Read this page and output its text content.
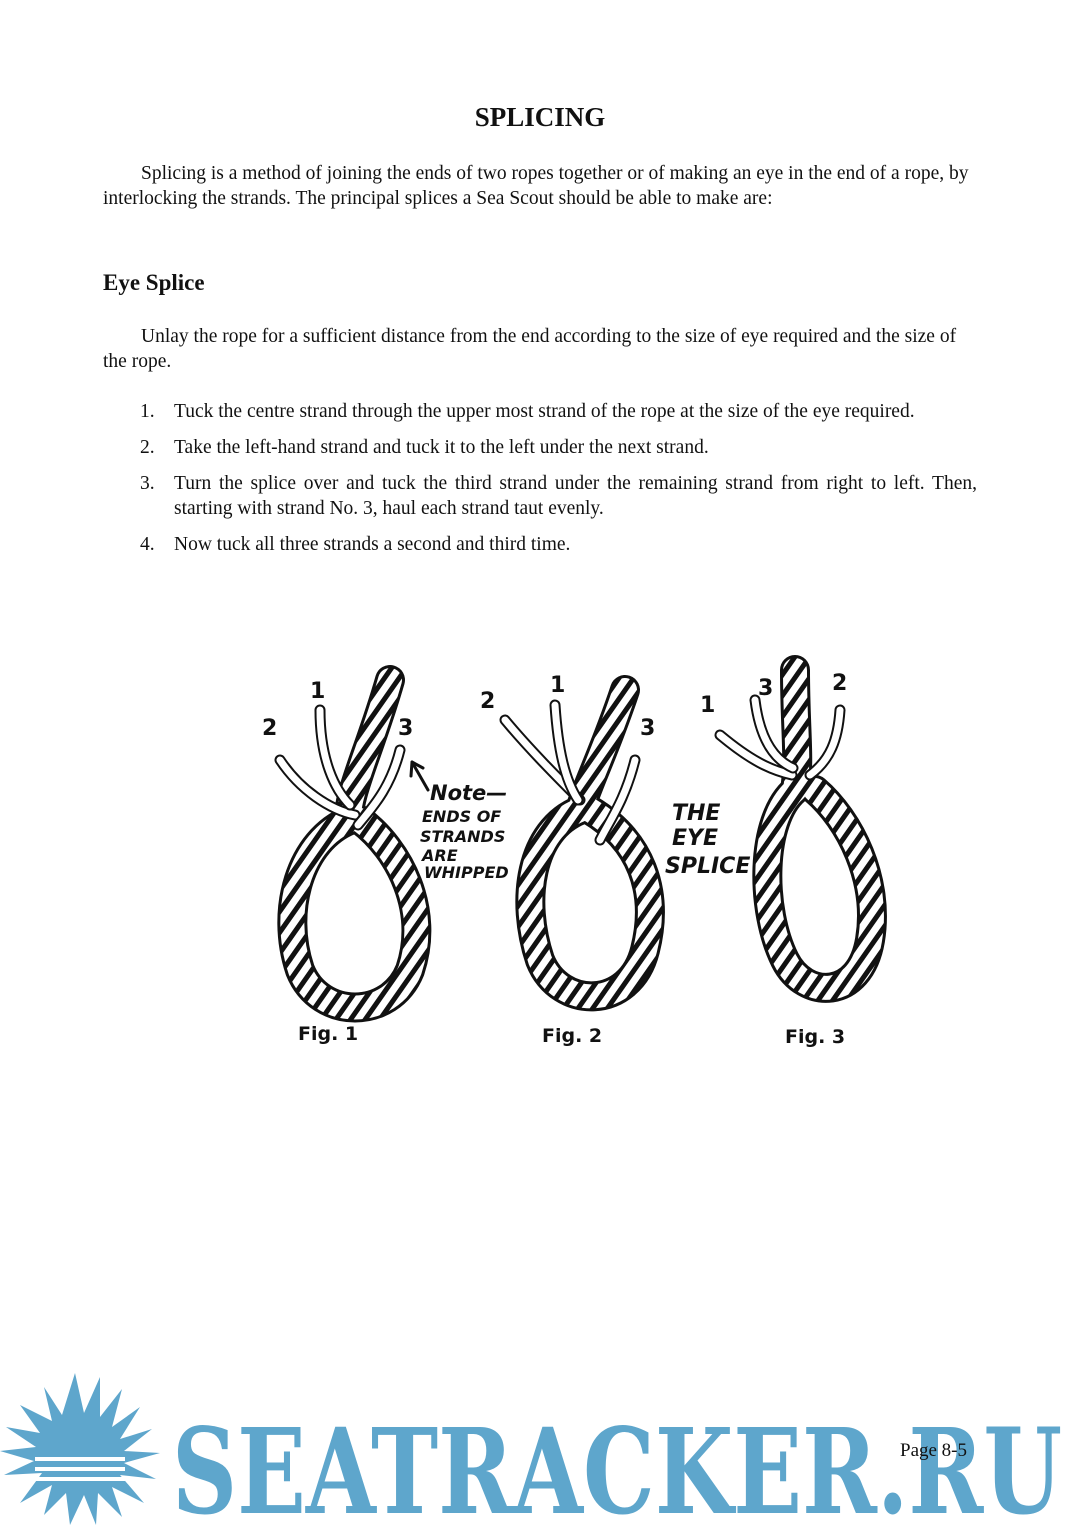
SPLICING

Splicing is a method of joining the ends of two ropes together or of making an eye in the end of a rope, by interlocking the strands. The principal splices a Sea Scout should be able to make are:

Eye Splice

Unlay the rope for a sufficient distance from the end according to the size of eye required and the size of the rope.

1. Tuck the centre strand through the upper most strand of the rope at the size of the eye required.
2. Take the left-hand strand and tuck it to the left under the next strand.
3. Turn the splice over and tuck the third strand under the remaining strand from right to left. Then, starting with strand No. 3, haul each strand taut evenly.
4. Now tuck all three strands a second and third time.
1
2	3
1
2
3
1
2
3
Note—
ENDS OF
STRANDS
ARE
WHIPPED
THE
EYE
SPLICE
Fig. 1	Fig. 2	Fig. 3
SEATRACKER.RU
Page 8-5
